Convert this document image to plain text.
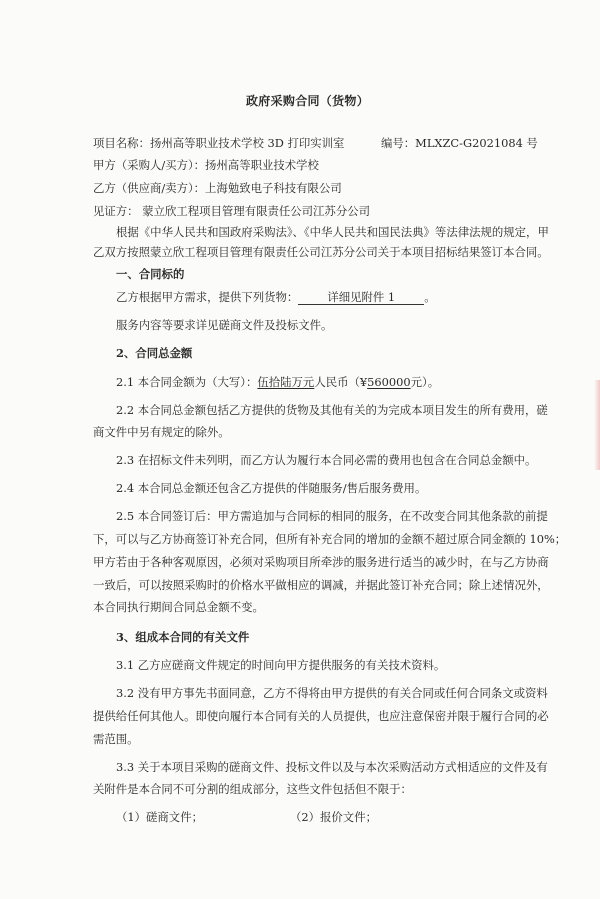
政府采购合同（货物）
项目名称：扬州高等职业技术学校 3D 打印实训室	编号：MLXZC-G2021084 号
甲方（采购人/买方）：扬州高等职业技术学校
乙方（供应商/卖方）：上海勉致电子科技有限公司
见证方： 蒙立欣工程项目管理有限责任公司江苏分公司
根据《中华人民共和国政府采购法》、《中华人民共和国民法典》等法律法规的规定，甲
乙双方按照蒙立欣工程项目管理有限责任公司江苏分公司关于本项目招标结果签订本合同。
一、合同标的
乙方根据甲方需求，提供下列货物：	详细见附件 1	。
服务内容等要求详见磋商文件及投标文件。
2、合同总金额
2.1 本合同金额为（大写）：伍拾陆万元人民币（¥560000元）。
2.2 本合同总金额包括乙方提供的货物及其他有关的为完成本项目发生的所有费用，磋
商文件中另有规定的除外。
2.3 在招标文件未列明，而乙方认为履行本合同必需的费用也包含在合同总金额中。
2.4 本合同总金额还包含乙方提供的伴随服务/售后服务费用。
2.5 本合同签订后：甲方需追加与合同标的相同的服务，在不改变合同其他条款的前提
下，可以与乙方协商签订补充合同，但所有补充合同的增加的金额不超过原合同金额的 10%；
甲方若由于各种客观原因，必须对采购项目所牵涉的服务进行适当的减少时，在与乙方协商
一致后，可以按照采购时的价格水平做相应的调减，并据此签订补充合同；除上述情况外，
本合同执行期间合同总金额不变。
3、组成本合同的有关文件
3.1 乙方应磋商文件规定的时间向甲方提供服务的有关技术资料。
3.2 没有甲方事先书面同意，乙方不得将由甲方提供的有关合同或任何合同条文或资料
提供给任何其他人。即使向履行本合同有关的人员提供，也应注意保密并限于履行合同的必
需范围。
3.3 关于本项目采购的磋商文件、投标文件以及与本次采购活动方式相适应的文件及有
关附件是本合同不可分割的组成部分，这些文件包括但不限于：
（1）磋商文件；	（2）报价文件；
